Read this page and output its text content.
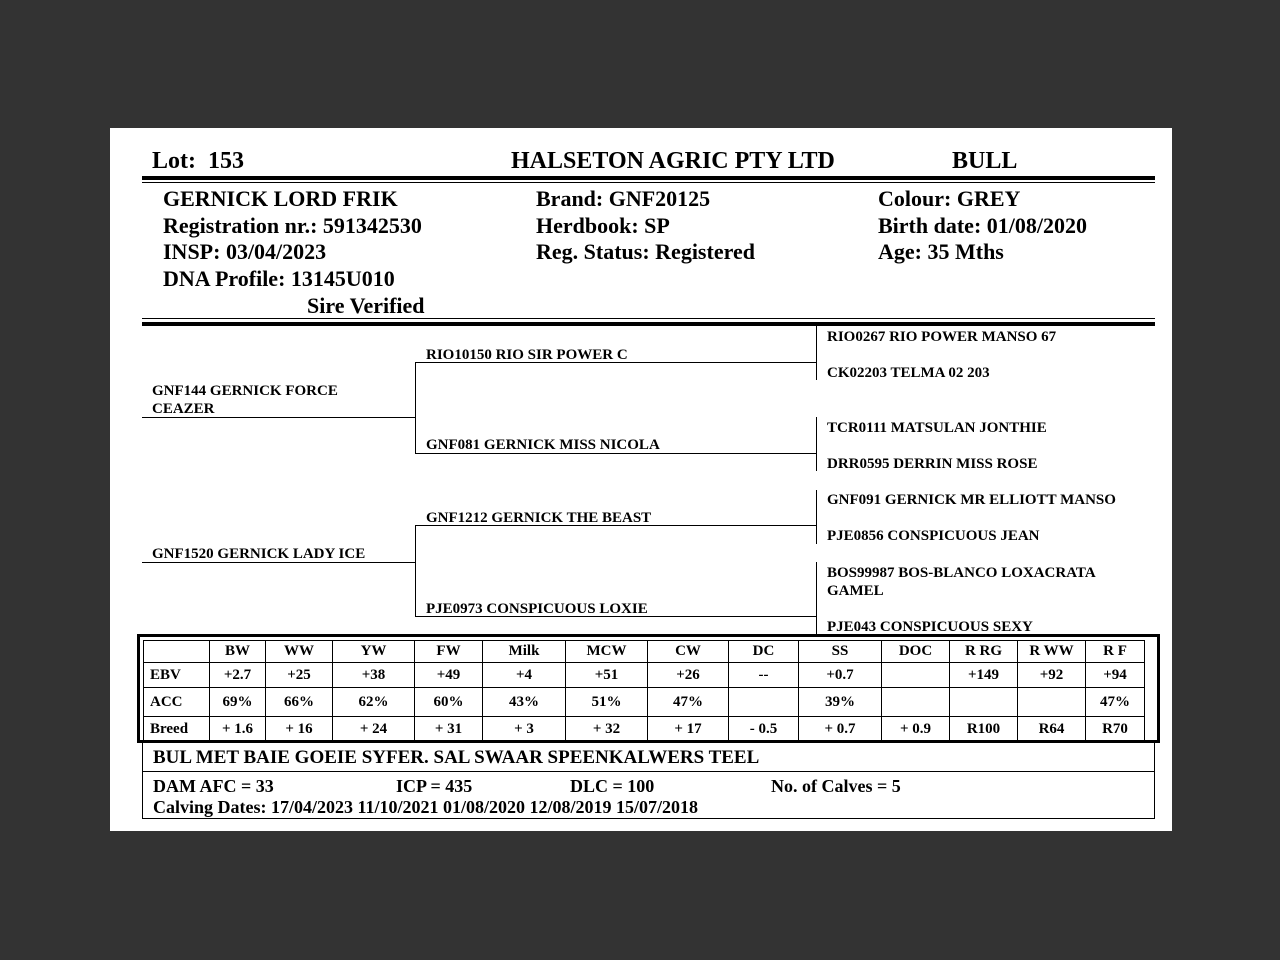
Lot: 153	HALSETON AGRIC PTY LTD	BULL
GERNICK LORD FRIK
Registration nr.: 591342530
INSP: 03/04/2023
DNA Profile: 13145U010
Sire Verified
Brand: GNF20125
Herdbook: SP
Reg. Status: Registered
Colour: GREY
Birth date: 01/08/2020
Age: 35 Mths
GNF144 GERNICK FORCE CEAZER
GNF1520 GERNICK LADY ICE
RIO10150 RIO SIR POWER C
GNF081 GERNICK MISS NICOLA
GNF1212 GERNICK THE BEAST
PJE0973 CONSPICUOUS LOXIE
RIO0267 RIO POWER MANSO 67
CK02203 TELMA 02 203
TCR0111 MATSULAN JONTHIE
DRR0595 DERRIN MISS ROSE
GNF091 GERNICK MR ELLIOTT MANSO
PJE0856 CONSPICUOUS JEAN
BOS99987 BOS-BLANCO LOXACRATA GAMEL
PJE043 CONSPICUOUS SEXY
	BW	WW	YW	FW	Milk	MCW	CW	DC	SS	DOC	R RG	R WW	R F
EBV	+2.7	+25	+38	+49	+4	+51	+26	--	+0.7		+149	+92	+94
ACC	69%	66%	62%	60%	43%	51%	47%		39%				47%
Breed	+ 1.6	+ 16	+ 24	+ 31	+ 3	+ 32	+ 17	- 0.5	+ 0.7	+ 0.9	R100	R64	R70
BUL MET BAIE GOEIE SYFER. SAL SWAAR SPEENKALWERS TEEL
DAM AFC = 33	ICP = 435	DLC = 100	No. of Calves = 5
Calving Dates: 17/04/2023 11/10/2021 01/08/2020 12/08/2019 15/07/2018
